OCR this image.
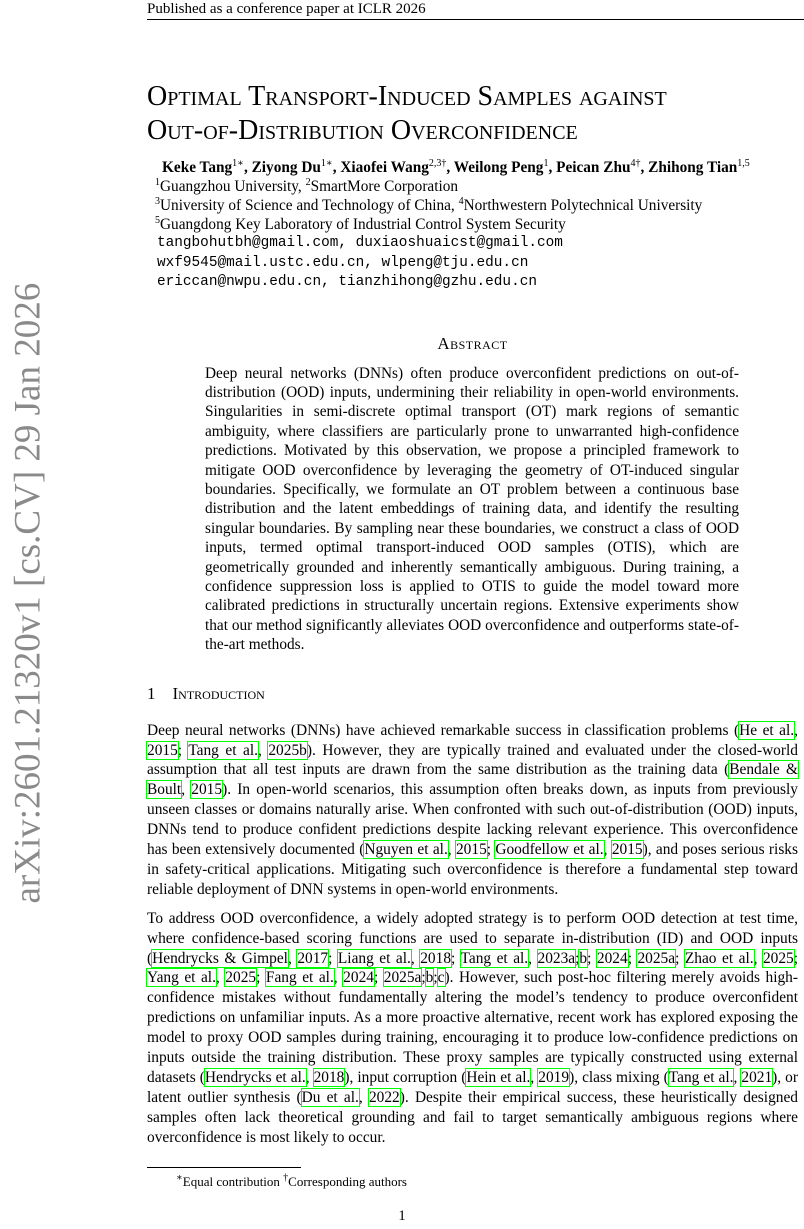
arXiv:2601.21320v1 [cs.CV] 29 Jan 2026
Published as a conference paper at ICLR 2026
Optimal Transport-Induced Samples against
Out-of-Distribution Overconfidence
Keke Tang$^{1∗}$, Ziyong $Du^{1∗}$, Xiaofei Wang$^{2,3\dagger}$, Weilong Peng$^1$, Peican Zhu$^{4\dagger}$, Zhihong Tian$^{1,5}$
$^1$Guangzhou University, $^2$SmartMore Corporation
$^3$University of Science and Technology of China, $^4$Northwestern Polytechnical University
$^5$Guangdong Key Laboratory of Industrial Control System Security
tangbohutbh@gmail.com, duxiaoshuaicst@gmail.com
wxf9545@mail.ustc.edu.cn, wlpeng@tju.edu.cn
ericcan@nwpu.edu.cn, tianzhihong@gzhu.edu.cn
Abstract
Deep neural networks (DNNs) often produce overconfident predictions on out-of-distribution (OOD) inputs, undermining their reliability in open-world environments. Singularities in semi-discrete optimal transport (OT) mark regions of semantic ambiguity, where classifiers are particularly prone to unwarranted high-confidence predictions. Motivated by this observation, we propose a principled framework to mitigate OOD overconfidence by leveraging the geometry of OT-induced singular boundaries. Specifically, we formulate an OT problem between a continuous base distribution and the latent embeddings of training data, and identify the resulting singular boundaries. By sampling near these boundaries, we construct a class of OOD inputs, termed optimal transport-induced OOD samples (OTIS), which are geometrically grounded and inherently semantically ambiguous. During training, a confidence suppression loss is applied to OTIS to guide the model toward more calibrated predictions in structurally uncertain regions. Extensive experiments show that our method significantly alleviates OOD overconfidence and outperforms state-of-the-art methods.
1 Introduction

Deep neural networks (DNNs) have achieved remarkable success in classification problems (He et al., 2015; Tang et al., 2025b). However, they are typically trained and evaluated under the closed-world assumption that all test inputs are drawn from the same distribution as the training data (Bendale & Boult, 2015). In open-world scenarios, this assumption often breaks down, as inputs from previously unseen classes or domains naturally arise. When confronted with such out-of-distribution (OOD) inputs, DNNs tend to produce confident predictions despite lacking relevant experience. This overconfidence has been extensively documented (Nguyen et al., 2015; Goodfellow et al., 2015), and poses serious risks in safety-critical applications. Mitigating such overconfidence is therefore a fundamental step toward reliable deployment of DNN systems in open-world environments.

To address OOD overconfidence, a widely adopted strategy is to perform OOD detection at test time, where confidence-based scoring functions are used to separate in-distribution (ID) and OOD inputs (Hendrycks & Gimpel, 2017; Liang et al., 2018; Tang et al., 2023a;b; 2024; 2025a; Zhao et al., 2025; Yang et al., 2025; Fang et al., 2024; 2025a;b;c). However, such post-hoc filtering merely avoids high-confidence mistakes without fundamentally altering the model’s tendency to produce overconfident predictions on unfamiliar inputs. As a more proactive alternative, recent work has explored exposing the model to proxy OOD samples during training, encouraging it to produce low-confidence predictions on inputs outside the training distribution. These proxy samples are typically constructed using external datasets (Hendrycks et al., 2018), input corruption (Hein et al., 2019), class mixing (Tang et al., 2021), or latent outlier synthesis (Du et al., 2022). Despite their empirical success, these heuristically designed samples often lack theoretical grounding and fail to target semantically ambiguous regions where overconfidence is most likely to occur.

∗Equal contribution †Corresponding authors
1
